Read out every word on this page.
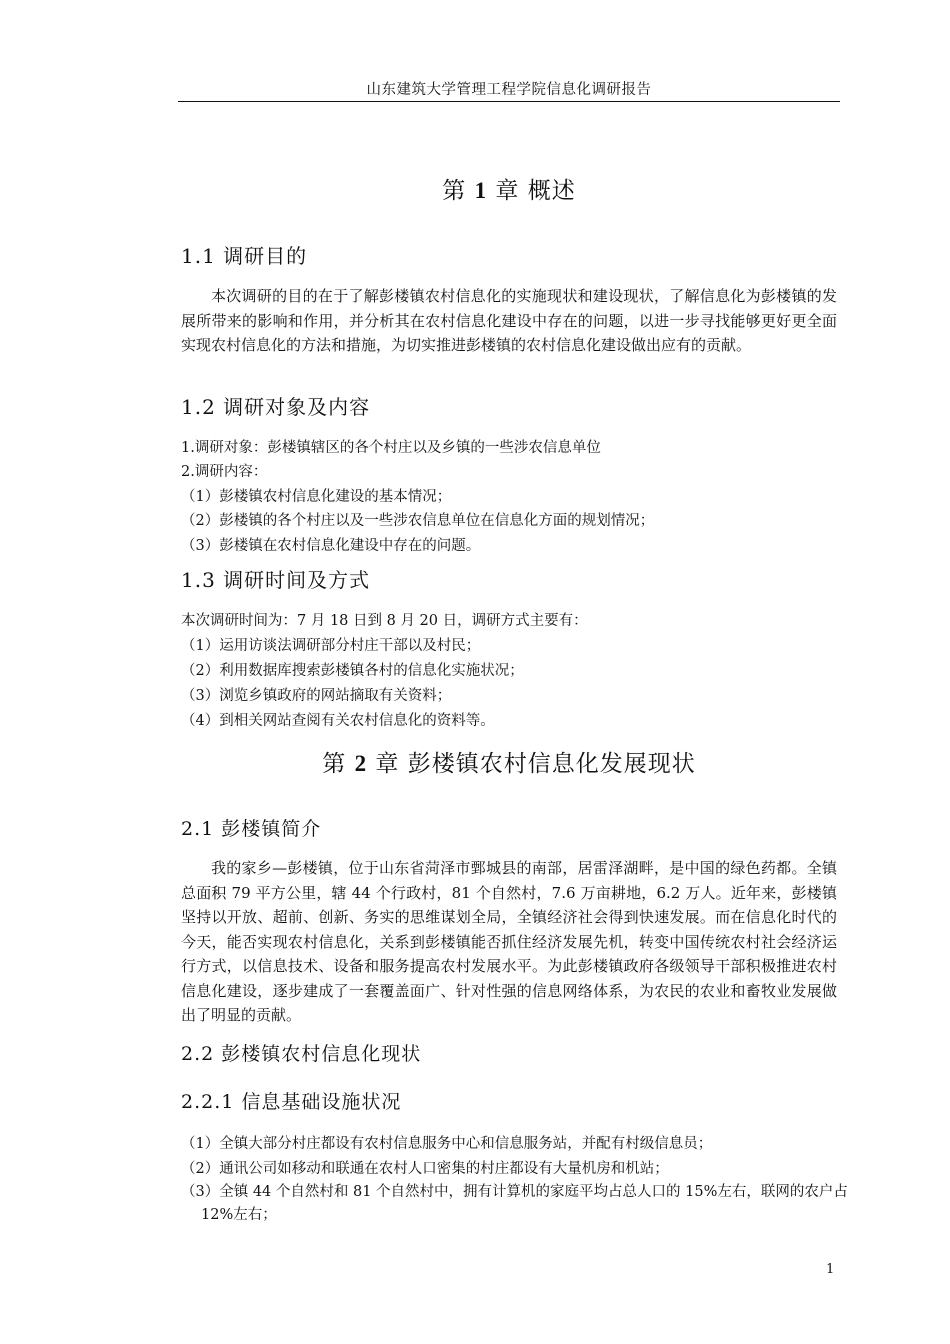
山东建筑大学管理工程学院信息化调研报告
第 1 章 概述
1.1 调研目的

本次调研的目的在于了解彭楼镇农村信息化的实施现状和建设现状，了解信息化为彭楼镇的发展所带来的影响和作用，并分析其在农村信息化建设中存在的问题，以进一步寻找能够更好更全面实现农村信息化的方法和措施，为切实推进彭楼镇的农村信息化建设做出应有的贡献。

1.2 调研对象及内容
1.调研对象：彭楼镇辖区的各个村庄以及乡镇的一些涉农信息单位
2.调研内容：
（1）彭楼镇农村信息化建设的基本情况；
（2）彭楼镇的各个村庄以及一些涉农信息单位在信息化方面的规划情况；
（3）彭楼镇在农村信息化建设中存在的问题。
1.3 调研时间及方式
本次调研时间为：7 月 18 日到 8 月 20 日，调研方式主要有：
（1）运用访谈法调研部分村庄干部以及村民；
（2）利用数据库搜索彭楼镇各村的信息化实施状况；
（3）浏览乡镇政府的网站摘取有关资料；
（4）到相关网站查阅有关农村信息化的资料等。
第 2 章 彭楼镇农村信息化发展现状
2.1 彭楼镇简介

我的家乡—彭楼镇，位于山东省菏泽市鄄城县的南部，居雷泽湖畔，是中国的绿色药都。全镇总面积 79 平方公里，辖 44 个行政村，81 个自然村，7.6 万亩耕地，6.2 万人。近年来，彭楼镇坚持以开放、超前、创新、务实的思维谋划全局，全镇经济社会得到快速发展。而在信息化时代的今天，能否实现农村信息化，关系到彭楼镇能否抓住经济发展先机，转变中国传统农村社会经济运行方式，以信息技术、设备和服务提高农村发展水平。为此彭楼镇政府各级领导干部积极推进农村信息化建设，逐步建成了一套覆盖面广、针对性强的信息网络体系，为农民的农业和畜牧业发展做出了明显的贡献。

2.2 彭楼镇农村信息化现状
2.2.1 信息基础设施状况
（1）全镇大部分村庄都设有农村信息服务中心和信息服务站，并配有村级信息员；
（2）通讯公司如移动和联通在农村人口密集的村庄都设有大量机房和机站；
（3）全镇 44 个自然村和 81 个自然村中，拥有计算机的家庭平均占总人口的 15%左右，联网的农户占 12%左右；
1
